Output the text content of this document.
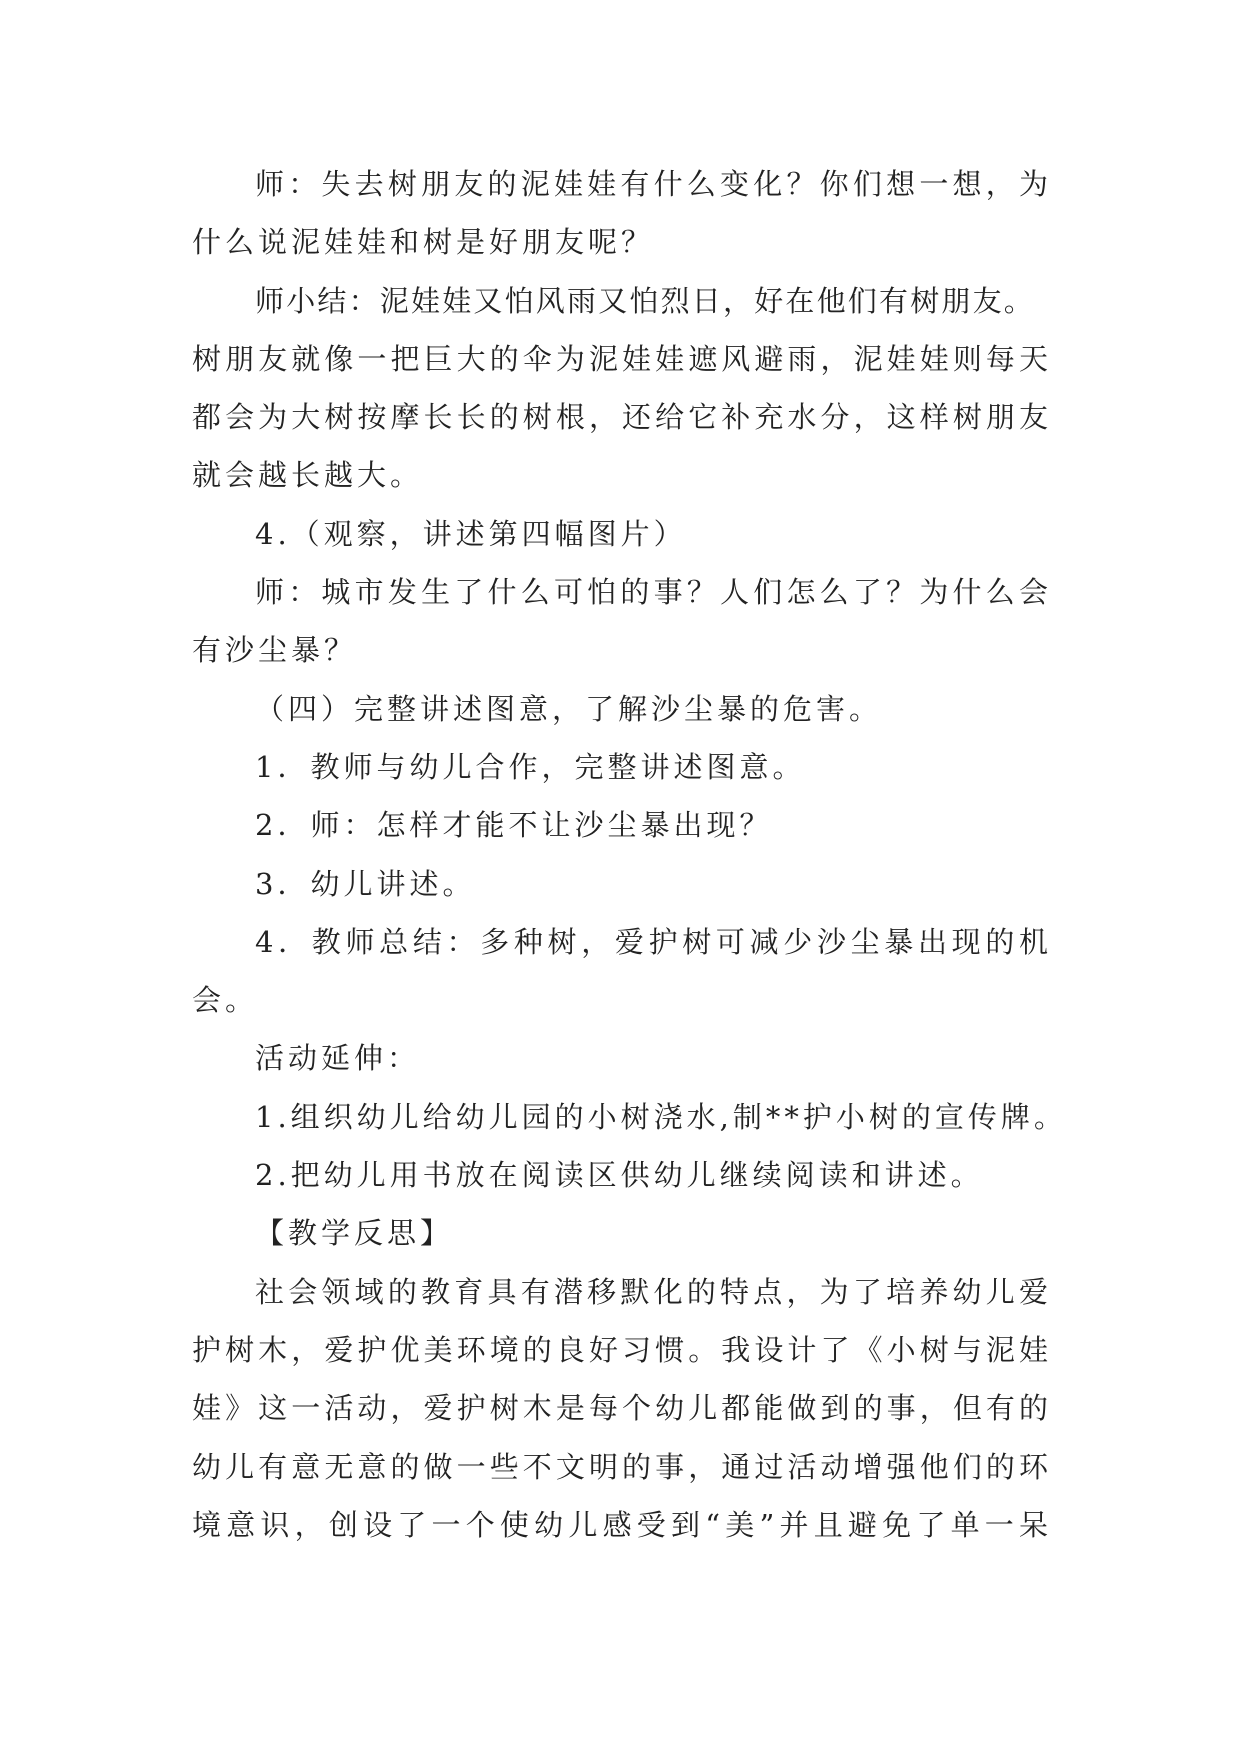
师：失去树朋友的泥娃娃有什么变化？你们想一想，为
什么说泥娃娃和树是好朋友呢？
师小结：泥娃娃又怕风雨又怕烈日，好在他们有树朋友。
树朋友就像一把巨大的伞为泥娃娃遮风避雨，泥娃娃则每天
都会为大树按摩长长的树根，还给它补充水分，这样树朋友
就会越长越大。
4.（观察，讲述第四幅图片）
师：城市发生了什么可怕的事？人们怎么了？为什么会
有沙尘暴？
（四）完整讲述图意，了解沙尘暴的危害。
1．教师与幼儿合作，完整讲述图意。
2．师：怎样才能不让沙尘暴出现？
3．幼儿讲述。
4．教师总结：多种树，爱护树可减少沙尘暴出现的机
会。
活动延伸：
1.组织幼儿给幼儿园的小树浇水,制**护小树的宣传牌。
2.把幼儿用书放在阅读区供幼儿继续阅读和讲述。
【教学反思】
社会领域的教育具有潜移默化的特点，为了培养幼儿爱
护树木，爱护优美环境的良好习惯。我设计了《小树与泥娃
娃》这一活动，爱护树木是每个幼儿都能做到的事，但有的
幼儿有意无意的做一些不文明的事，通过活动增强他们的环
境意识，创设了一个使幼儿感受到“美”并且避免了单一呆
